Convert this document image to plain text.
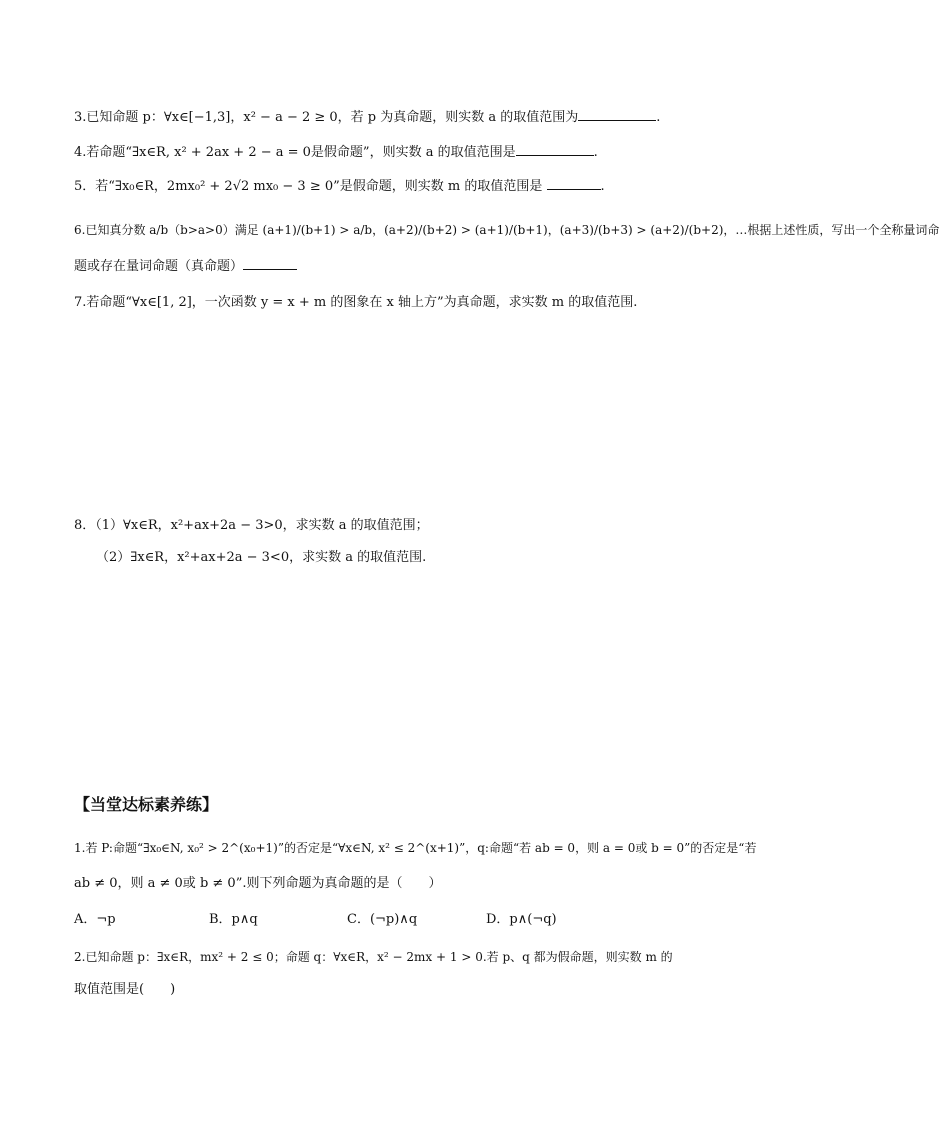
3.已知命题 p：∀x∈[−1,3]，x² − a − 2 ≥ 0，若 p 为真命题，则实数 a 的取值范围为	.
4.若命题“∃x∈R, x² + 2ax + 2 − a = 0是假命题”，则实数 a 的取值范围是	.
5．若“∃x₀∈R，2mx₀² + 2√2 mx₀ − 3 ≥ 0”是假命题，则实数 m 的取值范围是	.
6.已知真分数 a/b（b>a>0）满足 (a+1)/(b+1) > a/b，(a+2)/(b+2) > (a+1)/(b+1)，(a+3)/(b+3) > (a+2)/(b+2)，…根据上述性质，写出一个全称量词命
题或存在量词命题（真命题）
7.若命题“∀x∈[1, 2]，一次函数 y = x + m 的图象在 x 轴上方”为真命题，求实数 m 的取值范围.
8．（1）∀x∈R，x²+ax+2a − 3>0，求实数 a 的取值范围；
（2）∃x∈R，x²+ax+2a − 3<0，求实数 a 的取值范围.
【当堂达标素养练】
1.若 P:命题“∃x₀∈N, x₀² > 2^(x₀+1)”的否定是“∀x∈N, x² ≤ 2^(x+1)”，q:命题“若 ab = 0，则 a = 0或 b = 0”的否定是“若
ab ≠ 0，则 a ≠ 0或 b ≠ 0”.则下列命题为真命题的是（　　）
A．¬p	B．p∧q	C．(¬p)∧q	D．p∧(¬q)
2.已知命题 p：∃x∈R，mx² + 2 ≤ 0；命题 q：∀x∈R，x² − 2mx + 1 > 0.若 p、q 都为假命题，则实数 m 的
取值范围是(　　)
